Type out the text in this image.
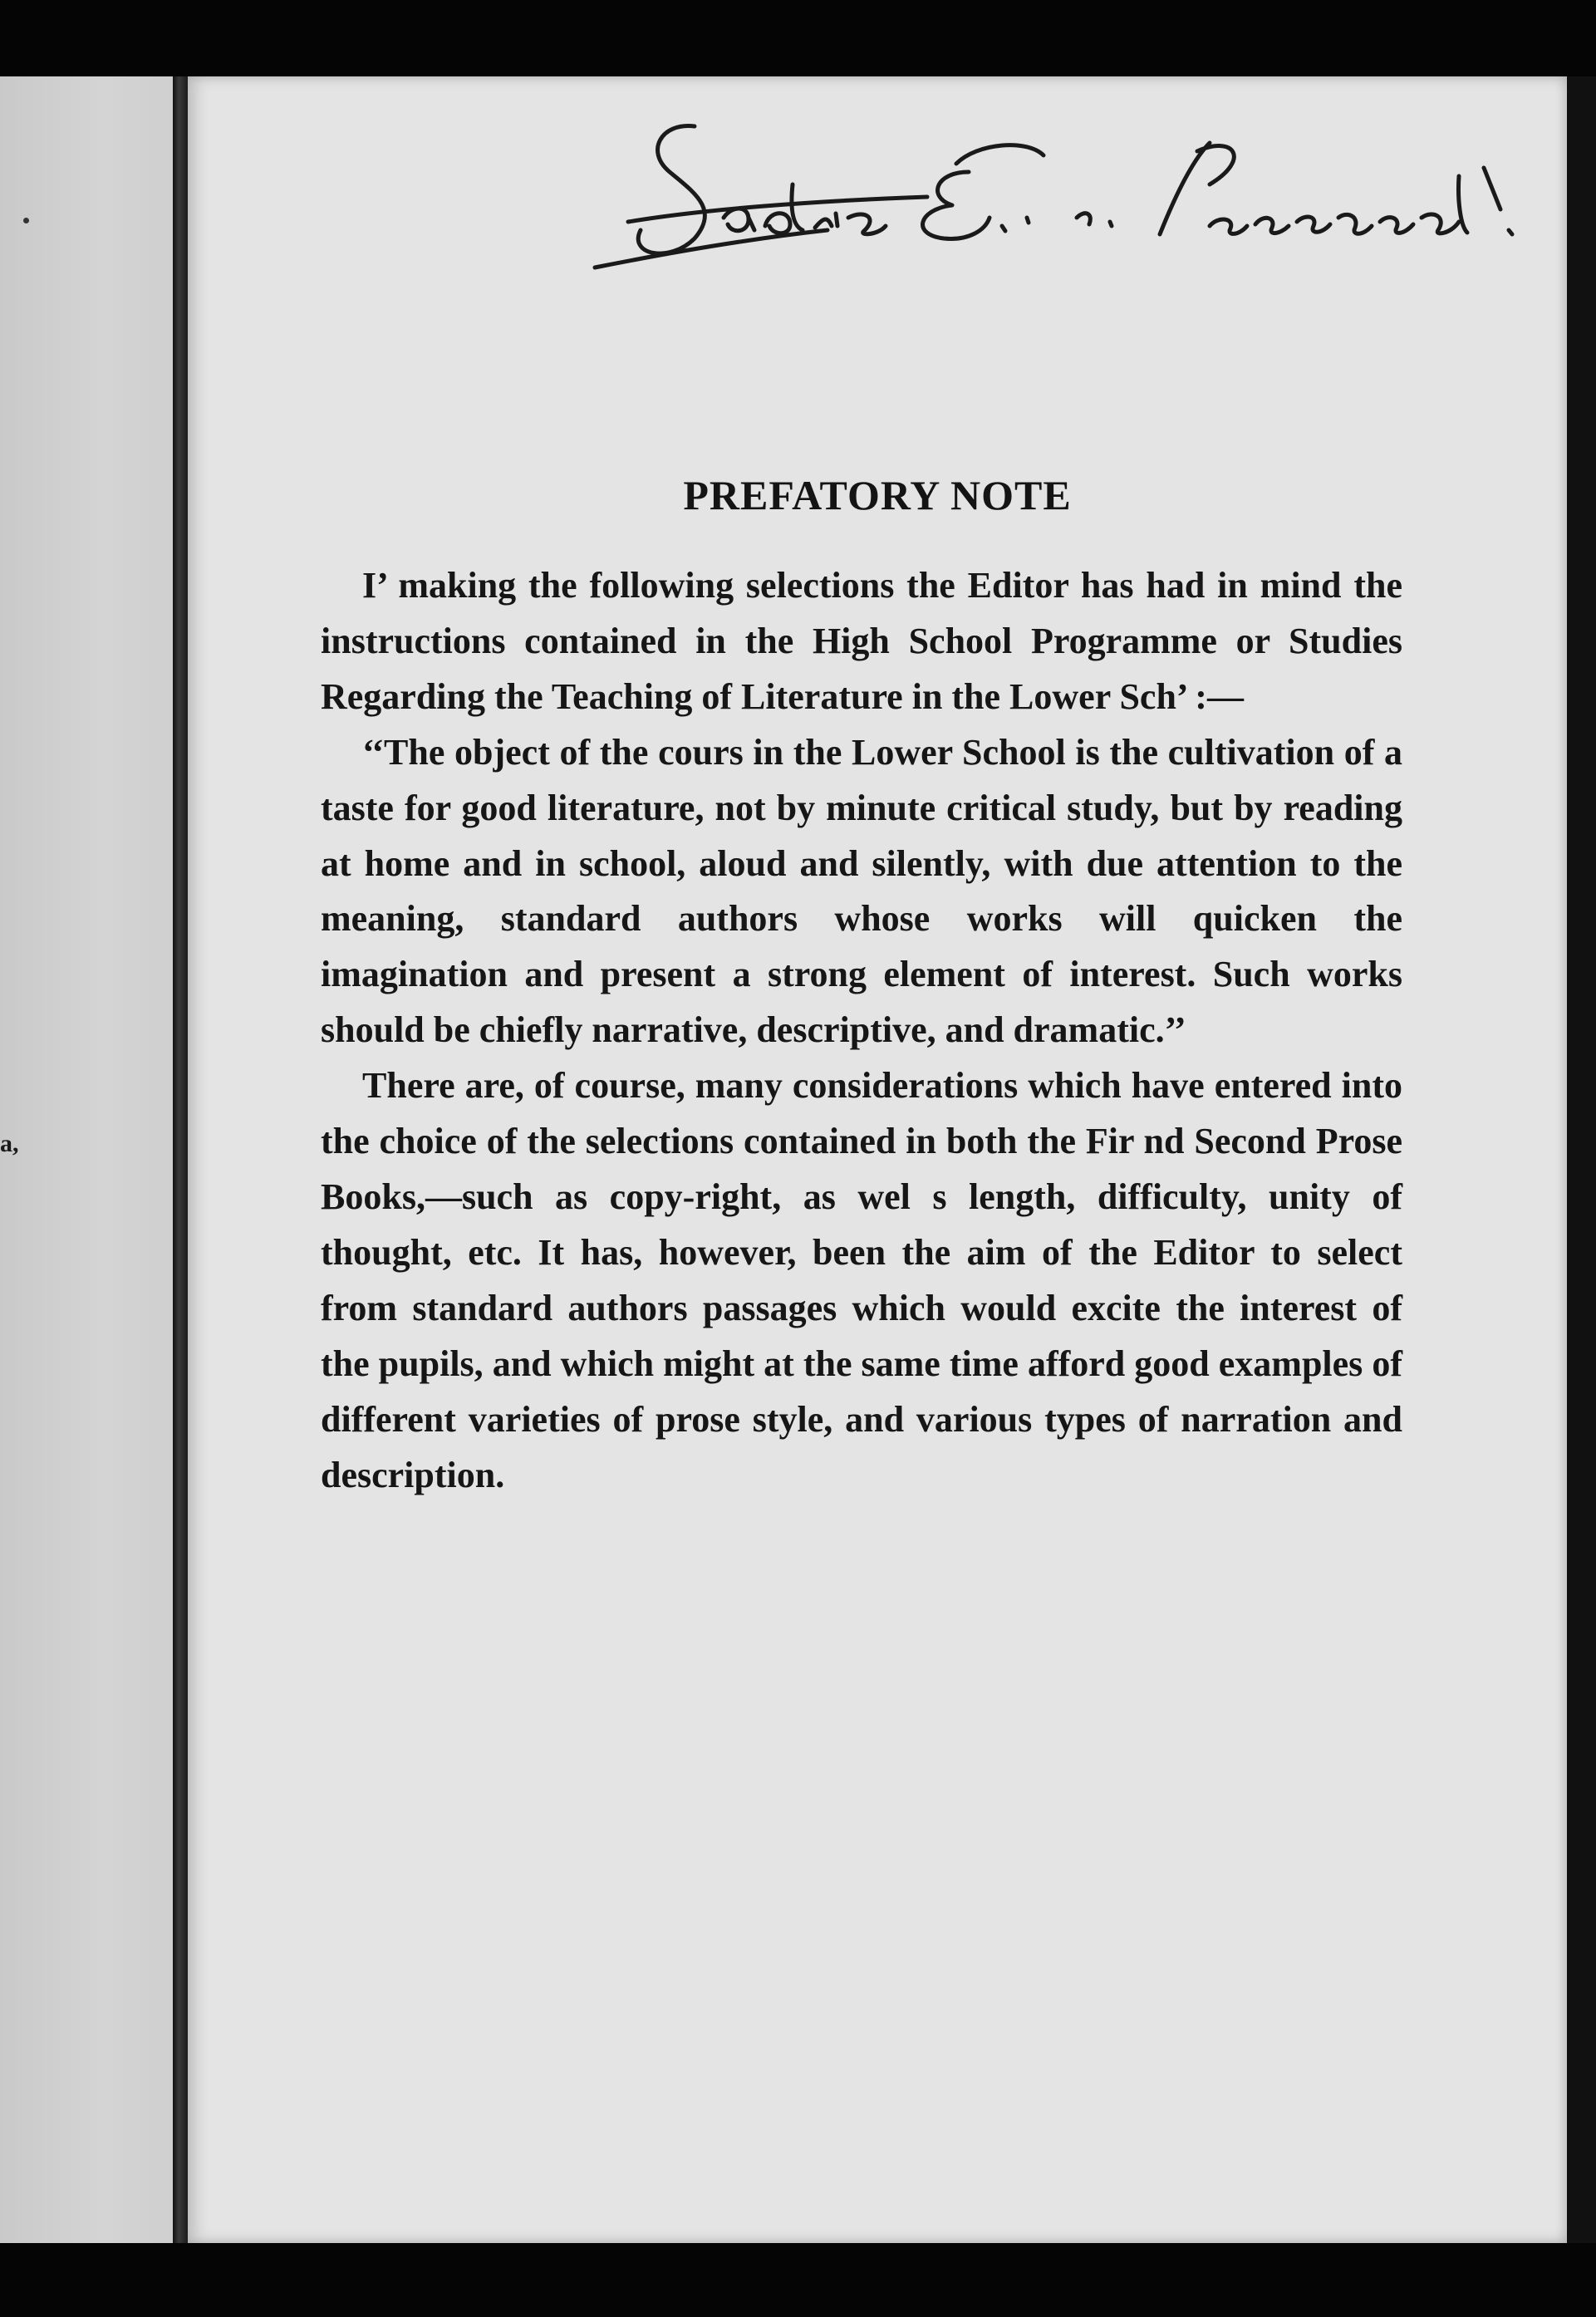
a,
PREFATORY NOTE

I’ making the following selections the Editor has had in mind the instructions contained in the High School Programme or Studies Regarding the Teaching of Literature in the Lower Sch’ :—

‘‘The object of the cours in the Lower School is the cultivation of a taste for good literature, not by minute critical study, but by reading at home and in school, aloud and silently, with due attention to the meaning, standard authors whose works will quicken the imagination and present a strong element of interest. Such works should be chiefly narrative, descriptive, and dramatic.’’

There are, of course, many considerations which have entered into the choice of the selections contained in both the Fir nd Second Prose Books,—such as copy-right, as wel s length, difficulty, unity of thought, etc. It has, however, been the aim of the Editor to select from standard authors passages which would excite the interest of the pupils, and which might at the same time afford good examples of different varieties of prose style, and various types of narration and description.
